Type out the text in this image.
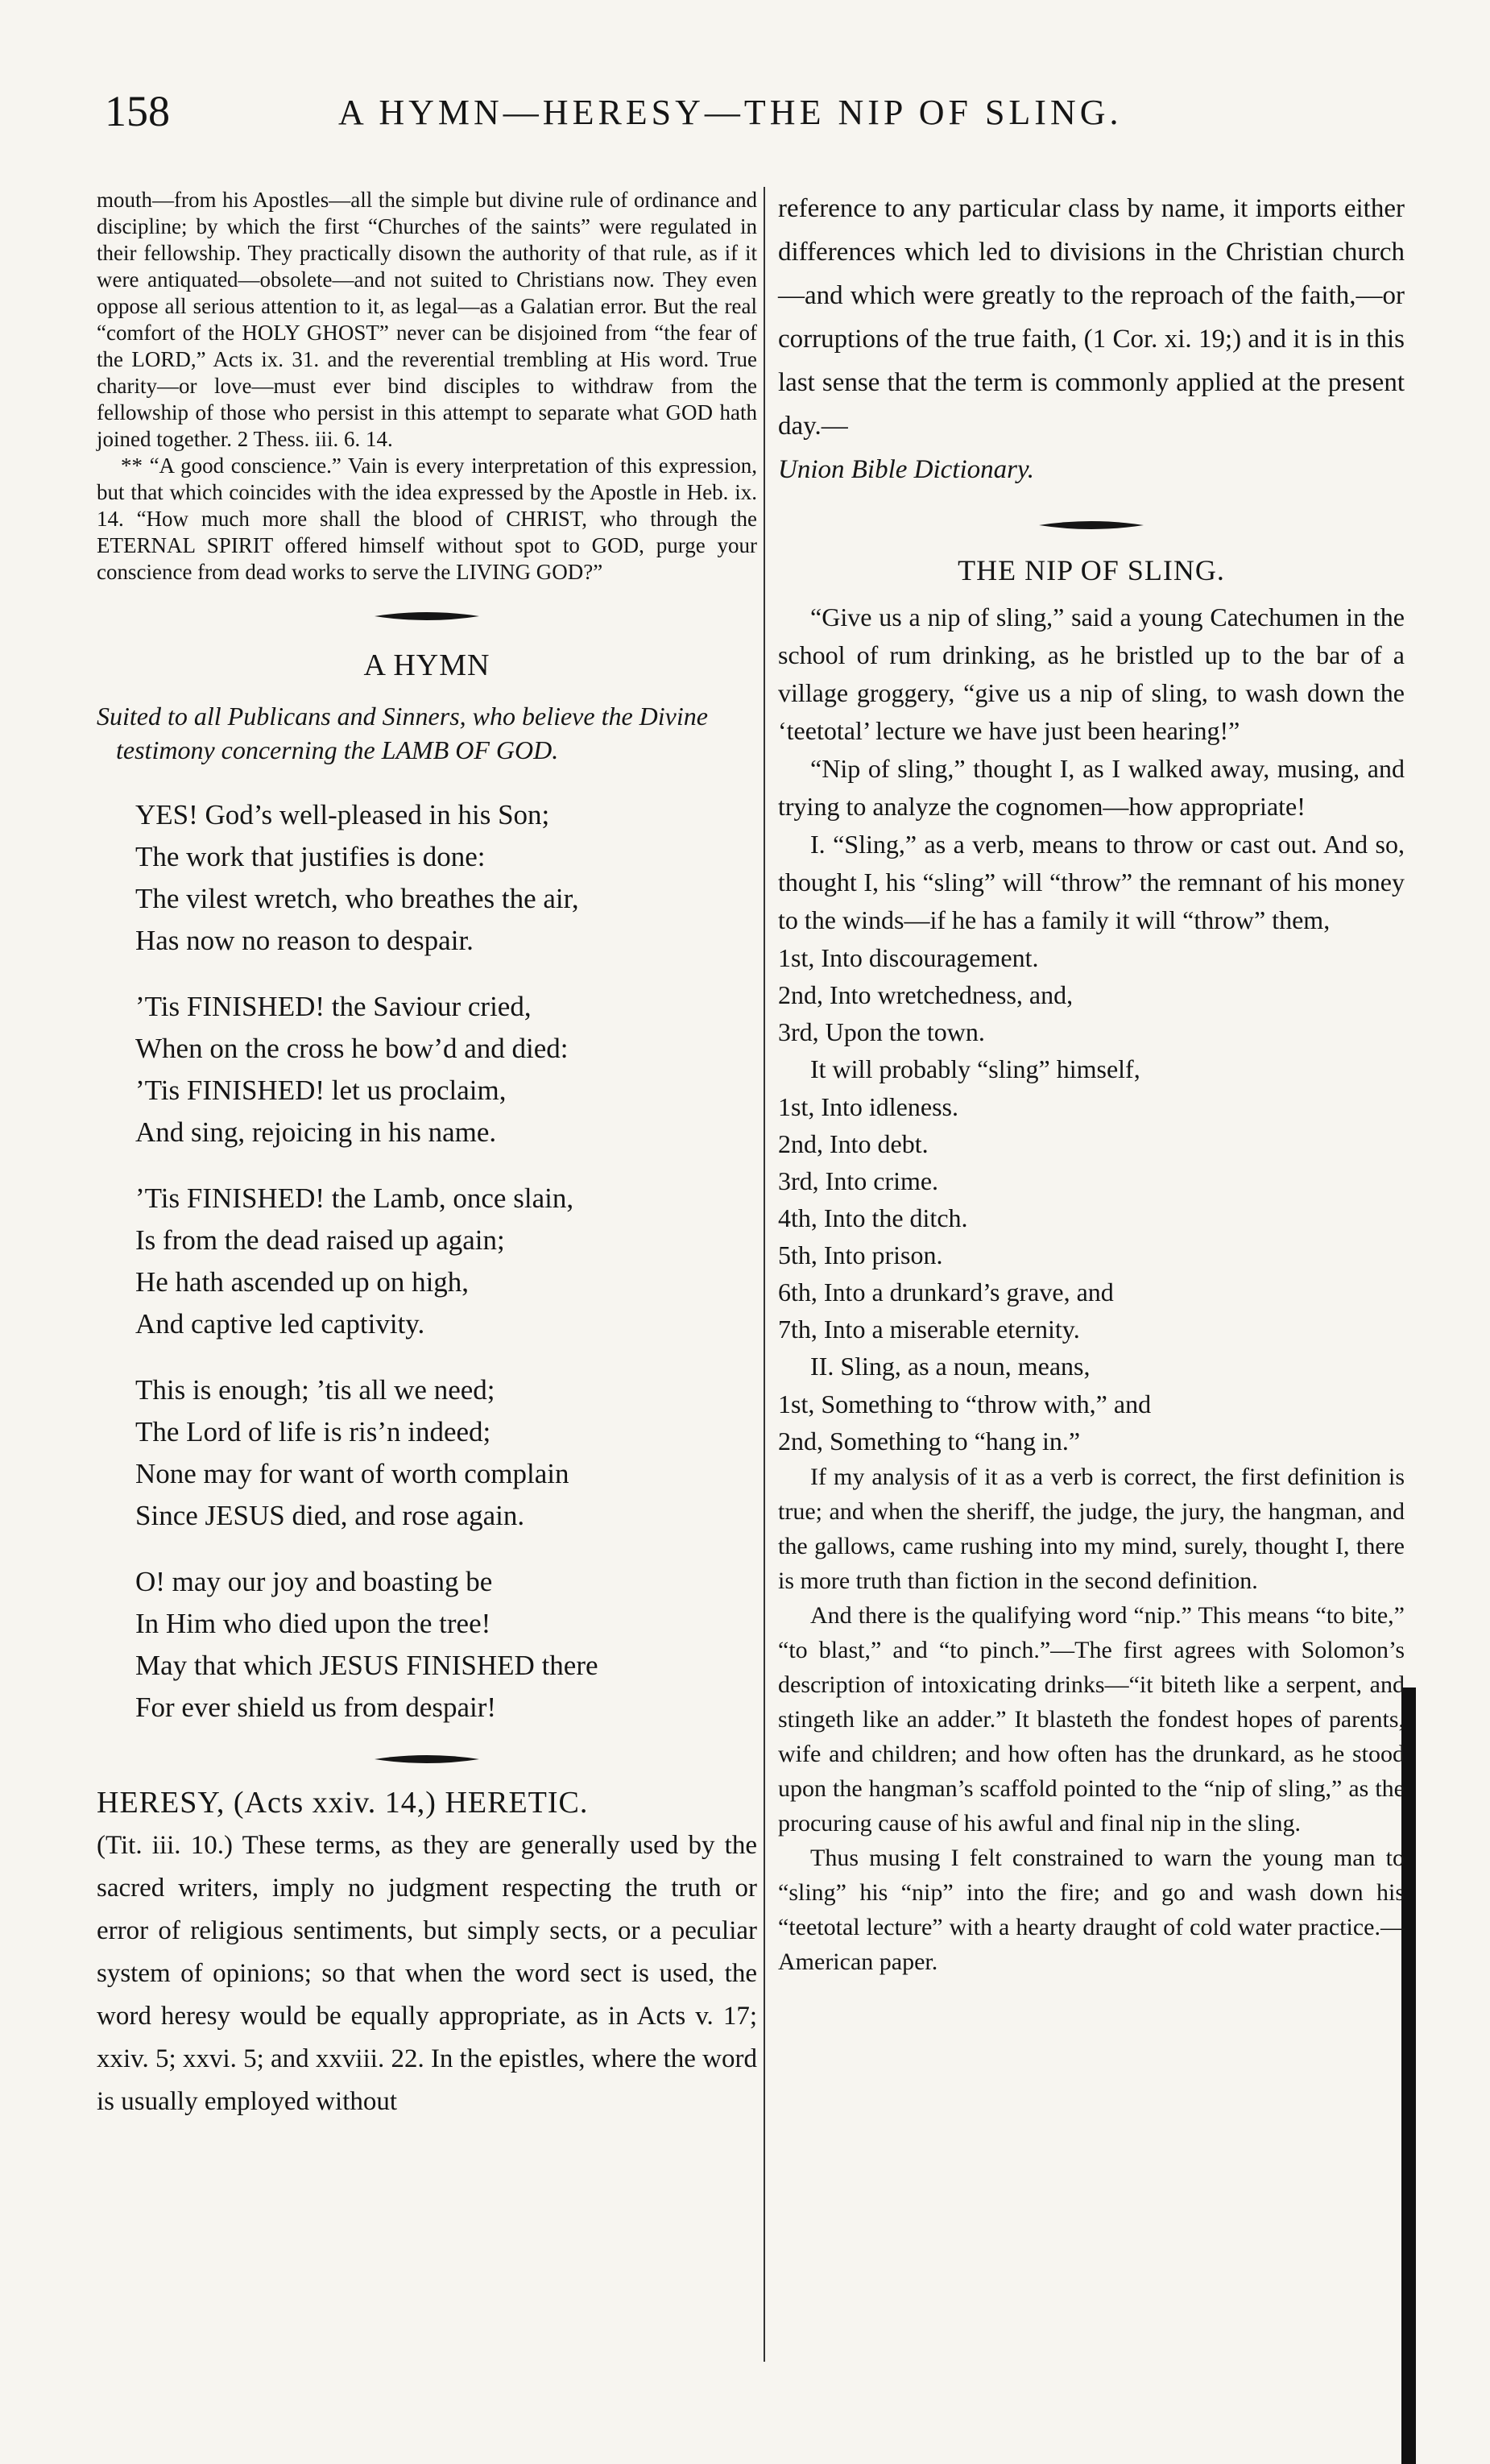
158	A HYMN—HERESY—THE NIP OF SLING.

mouth—from his Apostles—all the simple but divine rule of ordinance and discipline; by which the first “Churches of the saints” were regulated in their fellowship. They practically disown the authority of that rule, as if it were antiquated—obsolete—and not suited to Christians now. They even oppose all serious attention to it, as legal—as a Galatian error. But the real “comfort of the HOLY GHOST” never can be disjoined from “the fear of the LORD,” Acts ix. 31. and the reverential trembling at His word. True charity—or love—must ever bind disciples to withdraw from the fellowship of those who persist in this attempt to separate what GOD hath joined together. 2 Thess. iii. 6. 14.

** “A good conscience.” Vain is every interpretation of this expression, but that which coincides with the idea expressed by the Apostle in Heb. ix. 14. “How much more shall the blood of CHRIST, who through the ETERNAL SPIRIT offered himself without spot to GOD, purge your conscience from dead works to serve the LIVING GOD?”

A HYMN

Suited to all Publicans and Sinners, who believe the Divine testimony concerning the LAMB OF GOD.

YES! God’s well-pleased in his Son;
The work that justifies is done:
The vilest wretch, who breathes the air,
Has now no reason to despair.
’Tis FINISHED! the Saviour cried,
When on the cross he bow’d and died:
’Tis FINISHED! let us proclaim,
And sing, rejoicing in his name.
’Tis FINISHED! the Lamb, once slain,
Is from the dead raised up again;
He hath ascended up on high,
And captive led captivity.
This is enough; ’tis all we need;
The Lord of life is ris’n indeed;
None may for want of worth complain
Since JESUS died, and rose again.
O! may our joy and boasting be
In Him who died upon the tree!
May that which JESUS FINISHED there
For ever shield us from despair!
HERESY, (Acts xxiv. 14,) HERETIC.

(Tit. iii. 10.) These terms, as they are generally used by the sacred writers, imply no judgment respecting the truth or error of religious sentiments, but simply sects, or a peculiar system of opinions; so that when the word sect is used, the word heresy would be equally appropriate, as in Acts v. 17; xxiv. 5; xxvi. 5; and xxviii. 22. In the epistles, where the word is usually employed without

reference to any particular class by name, it imports either differences which led to divisions in the Christian church—and which were greatly to the reproach of the faith,—or corruptions of the true faith, (1 Cor. xi. 19;) and it is in this last sense that the term is commonly applied at the present day.—

Union Bible Dictionary.

THE NIP OF SLING.

“Give us a nip of sling,” said a young Catechumen in the school of rum drinking, as he bristled up to the bar of a village groggery, “give us a nip of sling, to wash down the ‘teetotal’ lecture we have just been hearing!”

“Nip of sling,” thought I, as I walked away, musing, and trying to analyze the cognomen—how appropriate!

I. “Sling,” as a verb, means to throw or cast out. And so, thought I, his “sling” will “throw” the remnant of his money to the winds—if he has a family it will “throw” them,

1st, Into discouragement.
2nd, Into wretchedness, and,
3rd, Upon the town.

It will probably “sling” himself,

1st, Into idleness.
2nd, Into debt.
3rd, Into crime.
4th, Into the ditch.
5th, Into prison.
6th, Into a drunkard’s grave, and
7th, Into a miserable eternity.

II. Sling, as a noun, means,

1st, Something to “throw with,” and
2nd, Something to “hang in.”

If my analysis of it as a verb is correct, the first definition is true; and when the sheriff, the judge, the jury, the hangman, and the gallows, came rushing into my mind, surely, thought I, there is more truth than fiction in the second definition.

And there is the qualifying word “nip.” This means “to bite,” “to blast,” and “to pinch.”—The first agrees with Solomon’s description of intoxicating drinks—“it biteth like a serpent, and stingeth like an adder.” It blasteth the fondest hopes of parents, wife and children; and how often has the drunkard, as he stood upon the hangman’s scaffold pointed to the “nip of sling,” as the procuring cause of his awful and final nip in the sling.

Thus musing I felt constrained to warn the young man to “sling” his “nip” into the fire; and go and wash down his “teetotal lecture” with a hearty draught of cold water practice.—American paper.
